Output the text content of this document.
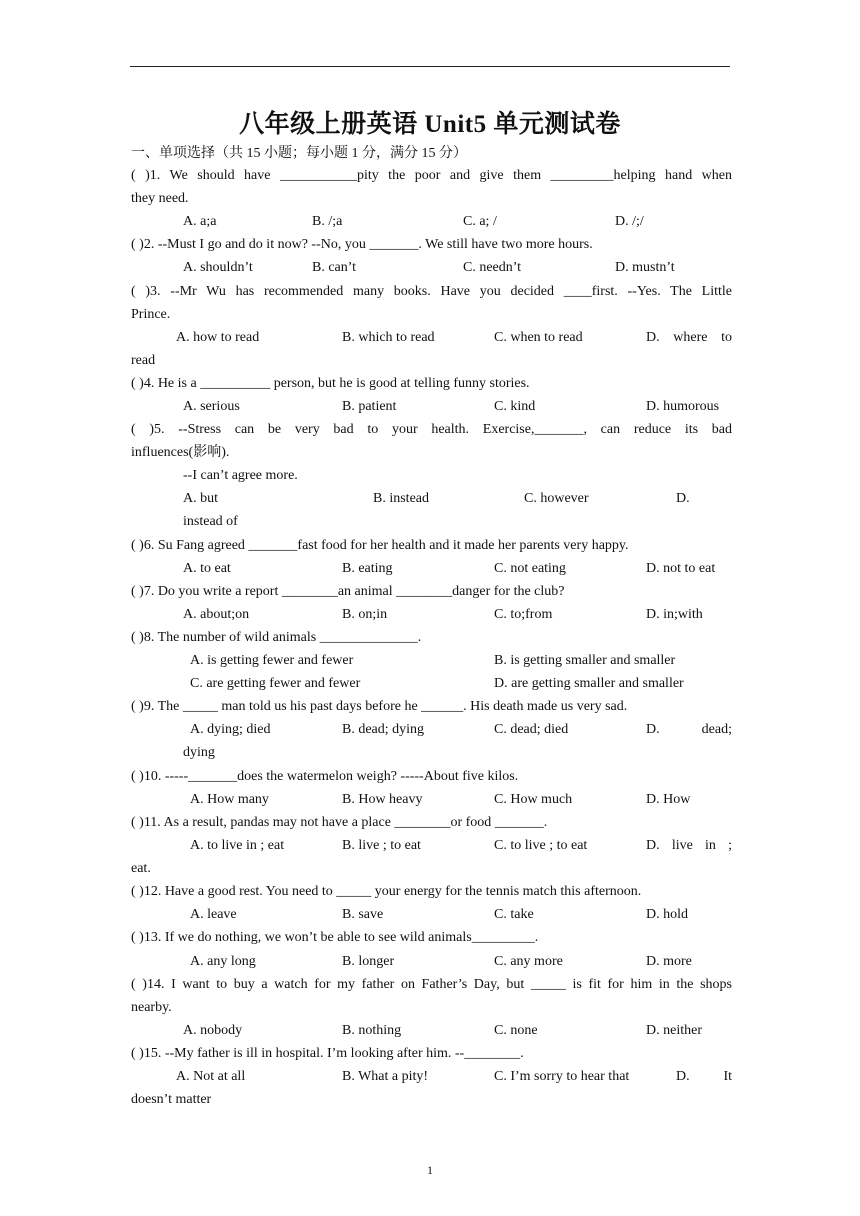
八年级上册英语 Unit5 单元测试卷
一、单项选择（共 15 小题；每小题 1 分，满分 15 分）
( )1. We should have ___________pity the poor and give them _________helping hand when
they need.
A. a;a	B. /;a	C. a; /	D. /;/
( )2. --Must I go and do it now? --No, you _______. We still have two more hours.
A. shouldn’t	B. can’t	C. needn’t	D. mustn’t
( )3. --Mr Wu has recommended many books. Have you decided ____first. --Yes. The Little
Prince.
A. how to read	B. which to read	C. when to read	D. where to
read
( )4. He is a __________ person, but he is good at telling funny stories.
A. serious	B. patient	C. kind	D. humorous
( )5. --Stress can be very bad to your health. Exercise,_______, can reduce its bad
influences(影响).
--I can’t agree more.
A. but	B. instead	C. however	D.
instead of
( )6. Su Fang agreed _______fast food for her health and it made her parents very happy.
A. to eat	B. eating	C. not eating	D. not to eat
( )7. Do you write a report ________an animal ________danger for the club?
A. about;on	B. on;in	C. to;from	D. in;with
( )8. The number of wild animals ______________.
A. is getting fewer and fewer	B. is getting smaller and smaller
C. are getting fewer and fewer	D. are getting smaller and smaller
( )9. The _____ man told us his past days before he ______. His death made us very sad.
A. dying; died	B. dead; dying	C. dead; died	D. dead;
dying
( )10. -----_______does the watermelon weigh? -----About five kilos.
A. How many	B. How heavy	C. How much	D. How
( )11. As a result, pandas may not have a place ________or food _______.
A. to live in ; eat	B. live ; to eat	C. to live ; to eat	D. live in ;
eat.
( )12. Have a good rest. You need to _____ your energy for the tennis match this afternoon.
A. leave	B. save	C. take	D. hold
( )13. If we do nothing, we won’t be able to see wild animals_________.
A. any long	B. longer	C. any more	D. more
( )14. I want to buy a watch for my father on Father’s Day, but _____ is fit for him in the shops
nearby.
A. nobody	B. nothing	C. none	D. neither
( )15. --My father is ill in hospital. I’m looking after him. --________.
A. Not at all	B. What a pity!	C. I’m sorry to hear that	D. It
doesn’t matter
1
